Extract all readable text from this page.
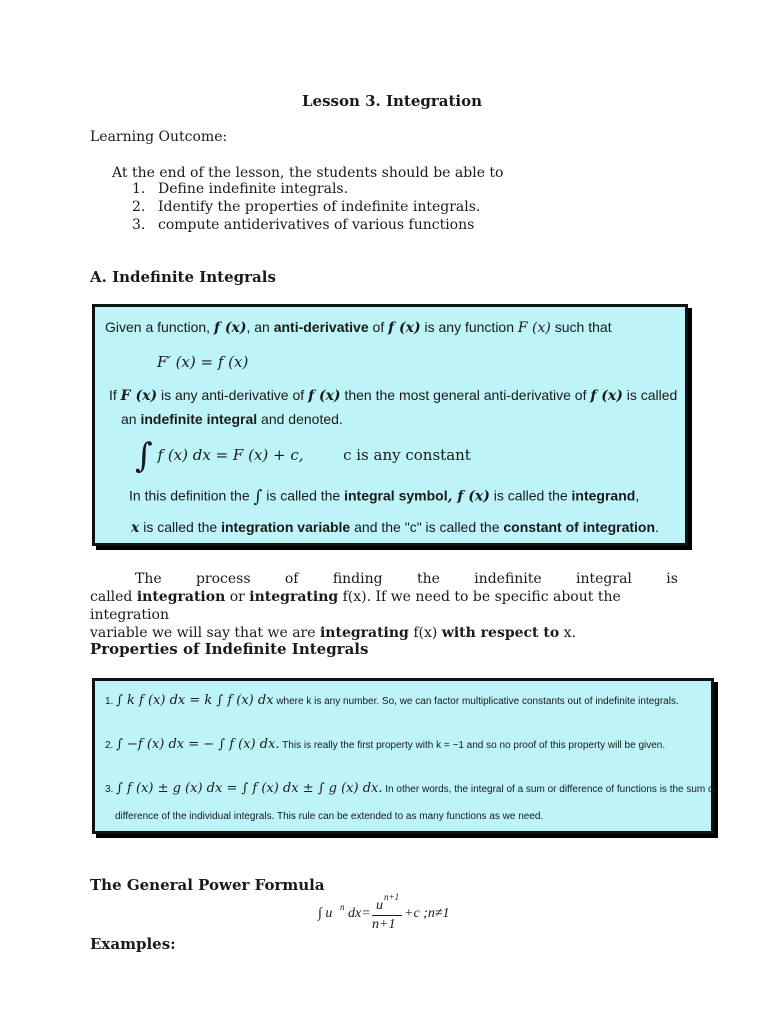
Lesson 3. Integration
Learning Outcome:
At the end of the lesson, the students should be able to
1. Define indefinite integrals.
2. Identify the properties of indefinite integrals.
3. compute antiderivatives of various functions
A. Indefinite Integrals
Given a function, f (x), an anti-derivative of f (x) is any function F (x) such that
F′ (x) = f (x)
If F (x) is any anti-derivative of f (x) then the most general anti-derivative of f (x) is called
an indefinite integral and denoted.
∫ f (x) dx = F (x) + c,	c is any constant
In this definition the ∫ is called the integral symbol, f (x) is called the integrand,
x is called the integration variable and the "c" is called the constant of integration.
The process of finding the indefinite integral is
called integration or integrating f(x). If we need to be specific about the integration
variable we will say that we are integrating f(x) with respect to x.
Properties of Indefinite Integrals
1. ∫ k f (x) dx = k ∫ f (x) dx where k is any number. So, we can factor multiplicative constants out of indefinite integrals.
2. ∫ −f (x) dx = − ∫ f (x) dx. This is really the first property with k = −1 and so no proof of this property will be given.
3. ∫ f (x) ± g (x) dx = ∫ f (x) dx ± ∫ g (x) dx. In other words, the integral of a sum or difference of functions is the sum or
difference of the individual integrals. This rule can be extended to as many functions as we need.
The General Power Formula
∫ u n dx=
u
n+1
n+1
+c ;n≠1
Examples:
